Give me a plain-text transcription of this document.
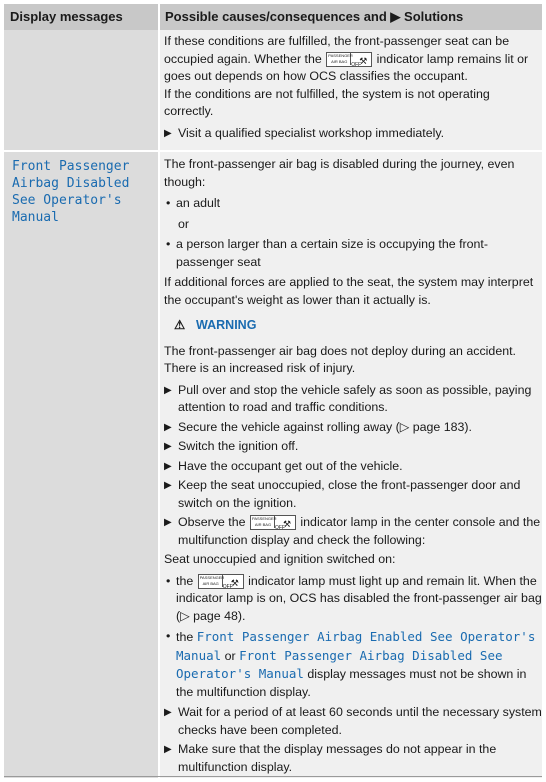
Display messages	Possible causes/consequences and ▶ Solutions
Front Passenger
Airbag Disabled
See Operator's
Manual

If these conditions are fulfilled, the front-passenger seat can be occupied again. Whether the PASSENGER
AIR BAG
OFF
⚒ indicator lamp remains lit or goes out depends on how OCS classifies the occupant.

If the conditions are not fulfilled, the system is not operating correctly.

▶ Visit a qualified specialist workshop immediately.

The front-passenger air bag is disabled during the journey, even though:

• an adult

or

• a person larger than a certain size is occupying the front-passenger seat

If additional forces are applied to the seat, the system may interpret the occupant's weight as lower than it actually is.

⚠ WARNING

The front-passenger air bag does not deploy during an accident.

There is an increased risk of injury.

▶ Pull over and stop the vehicle safely as soon as possible, paying attention to road and traffic conditions.

▶ Secure the vehicle against rolling away (▷ page 183).

▶ Switch the ignition off.

▶ Have the occupant get out of the vehicle.

▶ Keep the seat unoccupied, close the front-passenger door and switch on the ignition.

▶ Observe the PASSENGER
AIR BAG
OFF
⚒ indicator lamp in the center console and the multifunction display and check the following:

Seat unoccupied and ignition switched on:

• the PASSENGER
AIR BAG
OFF
⚒ indicator lamp must light up and remain lit. When the indicator lamp is on, OCS has disabled the front-passenger air bag (▷ page 48).

• the Front Passenger Airbag Enabled See Operator's Manual or Front Passenger Airbag Disabled See Operator's Manual display messages must not be shown in the multifunction display.

▶ Wait for a period of at least 60 seconds until the necessary system checks have been completed.

▶ Make sure that the display messages do not appear in the multifunction display.
